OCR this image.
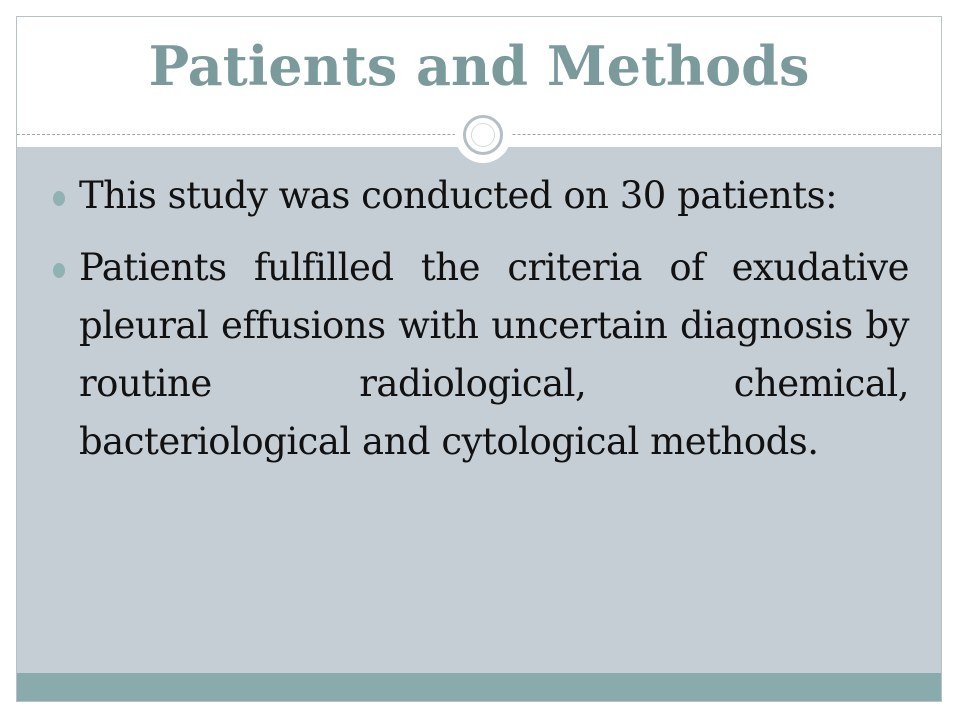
Patients and Methods
This study was conducted on 30 patients:
Patients fulfilled the criteria of exudative pleural effusions with uncertain diagnosis by routine radiological, chemical, bacteriological and cytological methods.
